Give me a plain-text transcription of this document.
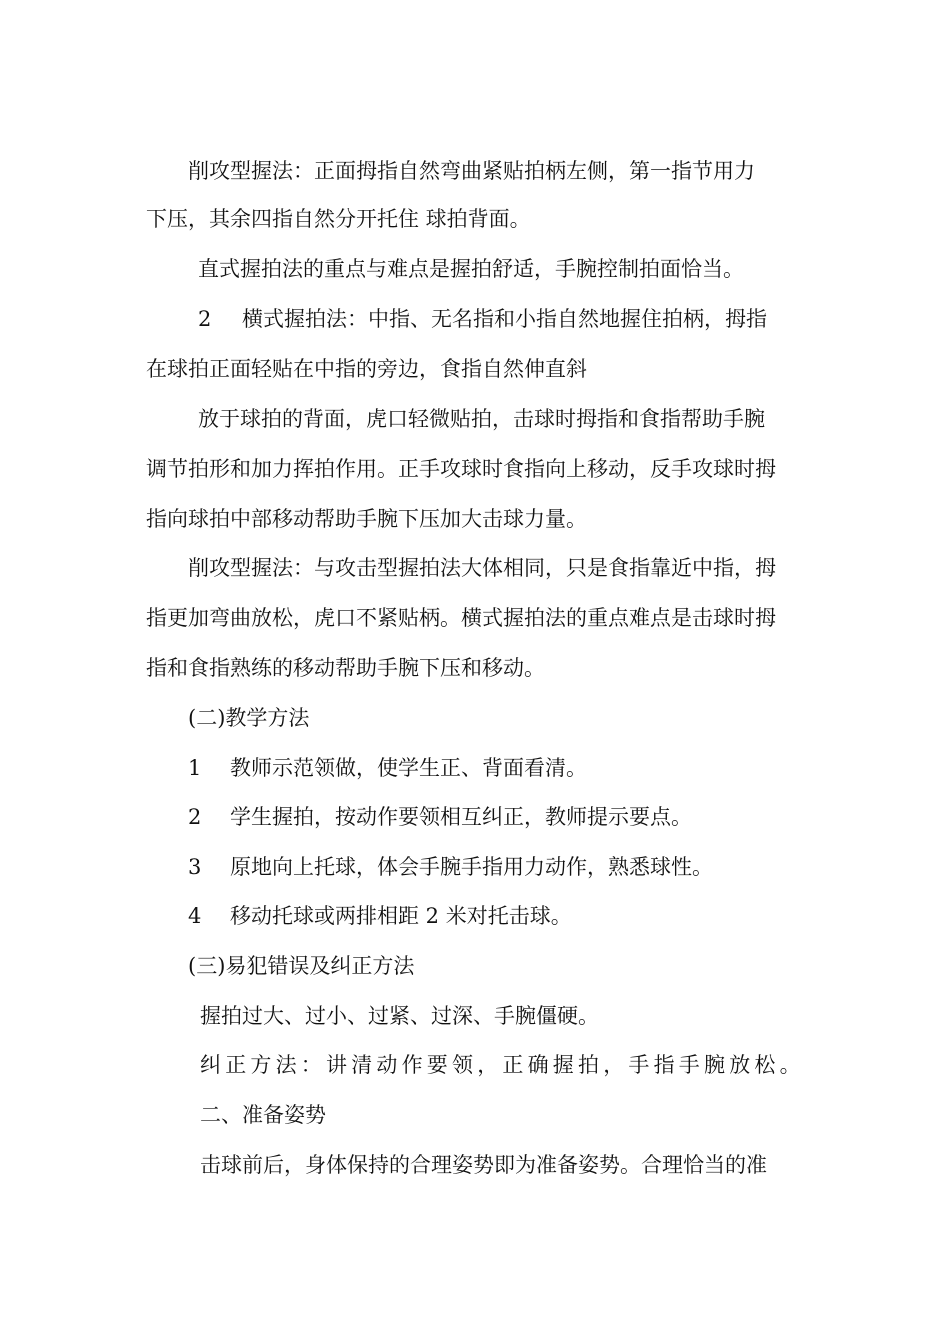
削攻型握法：正面拇指自然弯曲紧贴拍柄左侧，第一指节用力

下压，其余四指自然分开托住 球拍背面。

直式握拍法的重点与难点是握拍舒适，手腕控制拍面恰当。

2 横式握拍法：中指、无名指和小指自然地握住拍柄，拇指

在球拍正面轻贴在中指的旁边，食指自然伸直斜

放于球拍的背面，虎口轻微贴拍，击球时拇指和食指帮助手腕

调节拍形和加力挥拍作用。正手攻球时食指向上移动，反手攻球时拇

指向球拍中部移动帮助手腕下压加大击球力量。

削攻型握法：与攻击型握拍法大体相同，只是食指靠近中指，拇

指更加弯曲放松，虎口不紧贴柄。横式握拍法的重点难点是击球时拇

指和食指熟练的移动帮助手腕下压和移动。

(二)教学方法

1 教师示范领做，使学生正、背面看清。

2 学生握拍，按动作要领相互纠正，教师提示要点。

3 原地向上托球，体会手腕手指用力动作，熟悉球性。

4 移动托球或两排相距 2 米对托击球。

(三)易犯错误及纠正方法

握拍过大、过小、过紧、过深、手腕僵硬。

纠正方法：讲清动作要领，正确握拍，手指手腕放松。

二、准备姿势

击球前后，身体保持的合理姿势即为准备姿势。合理恰当的准
